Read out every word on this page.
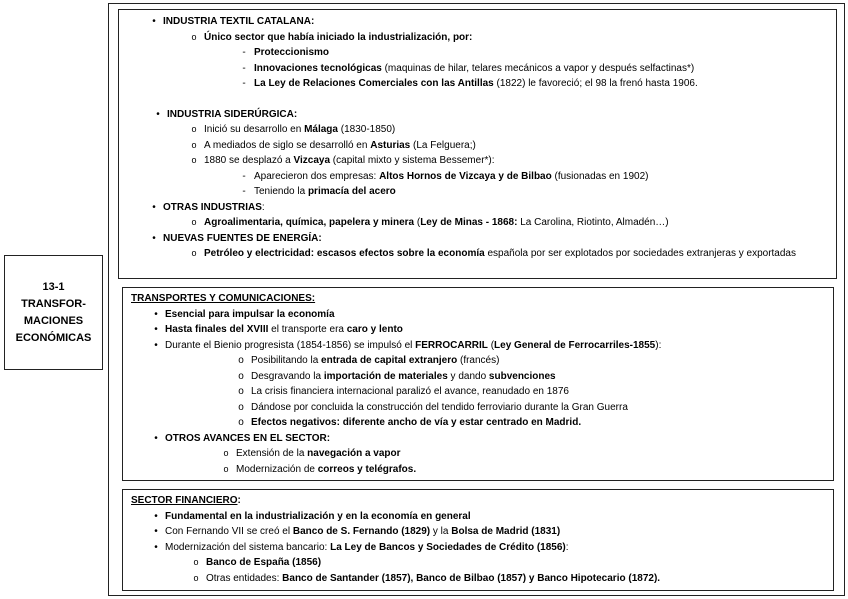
13-1
TRANSFOR-
MACIONES
ECONÓMICAS
• INDUSTRIA TEXTIL CATALANA:
o Único sector que había iniciado la industrialización, por:
- Proteccionismo
- Innovaciones tecnológicas (maquinas de hilar, telares mecánicos a vapor y después selfactinas*)
- La Ley de Relaciones Comerciales con las Antillas (1822) le favoreció; el 98 la frenó hasta 1906.
• INDUSTRIA SIDERÚRGICA:
o Inició su desarrollo en Málaga (1830-1850)
o A mediados de siglo se desarrolló en Asturias (La Felguera;)
o 1880 se desplazó a Vizcaya (capital mixto y sistema Bessemer*):
- Aparecieron dos empresas: Altos Hornos de Vizcaya y de Bilbao (fusionadas en 1902)
- Teniendo la primacía del acero
• OTRAS INDUSTRIAS:
o Agroalimentaria, química, papelera y minera (Ley de Minas - 1868: La Carolina, Riotinto, Almadén…)
• NUEVAS FUENTES DE ENERGÍA:
o Petróleo y electricidad: escasos efectos sobre la economía española por ser explotados por sociedades extranjeras y exportadas
TRANSPORTES Y COMUNICACIONES:
• Esencial para impulsar la economía
• Hasta finales del XVIII el transporte era caro y lento
• Durante el Bienio progresista (1854-1856) se impulsó el FERROCARRIL (Ley General de Ferrocarriles-1855):
o Posibilitando la entrada de capital extranjero (francés)
o Desgravando la importación de materiales y dando subvenciones
o La crisis financiera internacional paralizó el avance, reanudado en 1876
o Dándose por concluida la construcción del tendido ferroviario durante la Gran Guerra
o Efectos negativos: diferente ancho de vía y estar centrado en Madrid.
• OTROS AVANCES EN EL SECTOR:
o Extensión de la navegación a vapor
o Modernización de correos y telégrafos.
SECTOR FINANCIERO :
• Fundamental en la industrialización y en la economía en general
• Con Fernando VII se creó el Banco de S. Fernando (1829) y la Bolsa de Madrid (1831)
• Modernización del sistema bancario: La Ley de Bancos y Sociedades de Crédito (1856):
o Banco de España (1856)
o Otras entidades: Banco de Santander (1857), Banco de Bilbao (1857) y Banco Hipotecario (1872).
